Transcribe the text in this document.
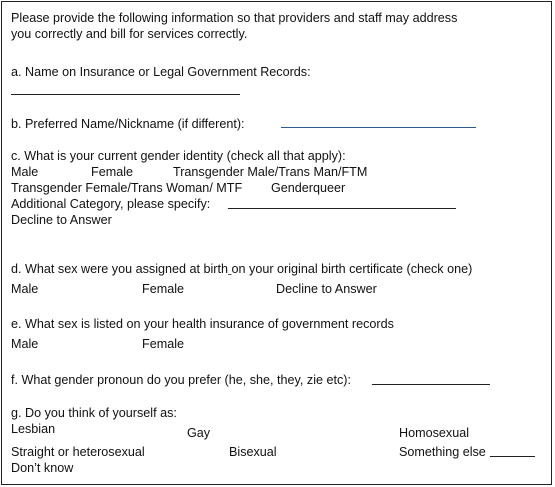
Please provide the following information so that providers and staff may address
you correctly and bill for services correctly.
a. Name on Insurance or Legal Government Records:
b. Preferred Name/Nickname (if different):
c. What is your current gender identity (check all that apply):
Male	Female	Transgender Male/Trans Man/FTM
Transgender Female/Trans Woman/ MTF Genderqueer
Additional Category, please specify:
Decline to Answer
d. What sex were you assigned at birth on your original birth certificate (check one)
Male	Female	Decline to Answer
e. What sex is listed on your health insurance of government records
Male	Female
f. What gender pronoun do you prefer (he, she, they, zie etc):
g. Do you think of yourself as:
Lesbian	Gay	Homosexual
Straight or heterosexual	Bisexual	Something else
Don’t know
